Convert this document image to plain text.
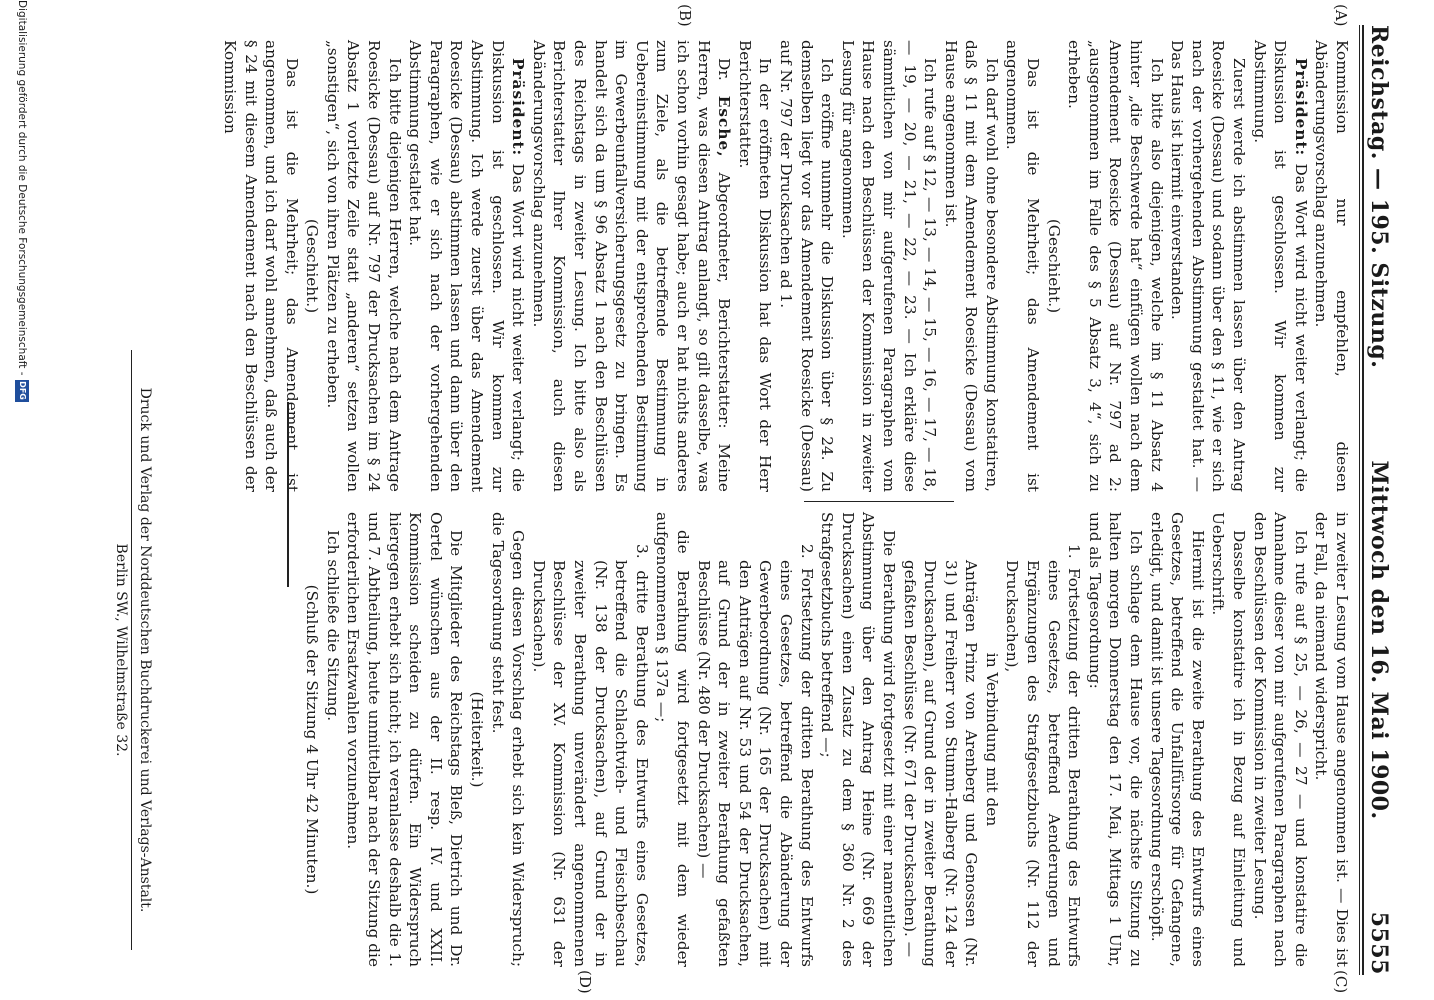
Reichstag. — 195. Sitzung.
Mittwoch den 16. Mai 1900.
5555
(A)
(B)
(C)
(D)

Kommission nur empfehlen, diesen Abänderungsvorschlag anzunehmen.

Präsident: Das Wort wird nicht weiter verlangt; die Diskussion ist geschlossen. Wir kommen zur Abstimmung.

Zuerst werde ich abstimmen lassen über den Antrag Roesicke (Dessau) und sodann über den § 11, wie er sich nach der vorhergehenden Abstimmung gestaltet hat. — Das Haus ist hiermit einverstanden.

Ich bitte also diejenigen, welche im § 11 Absatz 4 hinter „die Beschwerde hat“ einfügen wollen nach dem Amendement Roesicke (Dessau) auf Nr. 797 ad 2: „ausgenommen im Falle des § 5 Absatz 3, 4“, sich zu erheben.

(Geschieht.)

Das ist die Mehrheit; das Amendement ist angenommen.

Ich darf wohl ohne besondere Abstimmung konstatiren, daß § 11 mit dem Amendement Roesicke (Dessau) vom Hause angenommen ist.

Ich rufe auf § 12, — 13, — 14, — 15, — 16, — 17, — 18, — 19, — 20, — 21, — 22, — 23. — Ich erkläre diese sämmtlichen von mir aufgerufenen Paragraphen vom Hause nach den Beschlüssen der Kommission in zweiter Lesung für angenommen.

Ich eröffne nunmehr die Diskussion über § 24. Zu demselben liegt vor das Amendement Roesicke (Dessau) auf Nr. 797 der Drucksachen ad 1.

In der eröffneten Diskussion hat das Wort der Herr Berichterstatter.

Dr. Esche, Abgeordneter, Berichterstatter: Meine Herren, was diesen Antrag anlangt, so gilt dasselbe, was ich schon vorhin gesagt habe; auch er hat nichts anderes zum Ziele, als die betreffende Bestimmung in Uebereinstimmung mit der entsprechenden Bestimmung im Gewerbeunfallversicherungsgesetz zu bringen. Es handelt sich da um § 96 Absatz 1 nach den Beschlüssen des Reichstags in zweiter Lesung. Ich bitte also als Berichterstatter Ihrer Kommission, auch diesen Abänderungsvorschlag anzunehmen.

Präsident: Das Wort wird nicht weiter verlangt; die Diskussion ist geschlossen. Wir kommen zur Abstimmung. Ich werde zuerst über das Amendement Roesicke (Dessau) abstimmen lassen und dann über den Paragraphen, wie er sich nach der vorhergehenden Abstimmung gestaltet hat.

Ich bitte diejenigen Herren, welche nach dem Antrage Roesicke (Dessau) auf Nr. 797 der Drucksachen im § 24 Absatz 1 vorletzte Zeile statt „anderen“ setzen wollen „sonstigen“, sich von ihren Plätzen zu erheben.

(Geschieht.)

Das ist die Mehrheit; das Amendement ist angenommen, und ich darf wohl annehmen, daß auch der § 24 mit diesem Amendement nach den Beschlüssen der Kommission

in zweiter Lesung vom Hause angenommen ist. — Dies ist der Fall, da niemand widerspricht.

Ich rufe auf § 25, — 26, — 27 — und konstatire die Annahme dieser von mir aufgerufenen Paragraphen nach den Beschlüssen der Kommission in zweiter Lesung.

Dasselbe konstatire ich in Bezug auf Einleitung und Ueberschrift.

Hiermit ist die zweite Berathung des Entwurfs eines Gesetzes, betreffend die Unfallfürsorge für Gefangene, erledigt, und damit ist unsere Tagesordnung erschöpft.

Ich schlage dem Hause vor, die nächste Sitzung zu halten morgen Donnerstag den 17. Mai, Mittags 1 Uhr, und als Tagesordnung:

1. Fortsetzung der dritten Berathung des Entwurfs eines Gesetzes, betreffend Aenderungen und Ergänzungen des Strafgesetzbuchs (Nr. 112 der Drucksachen),

in Verbindung mit den

Anträgen Prinz von Arenberg und Genossen (Nr. 31) und Freiherr von Stumm-Halberg (Nr. 124 der Drucksachen), auf Grund der in zweiter Berathung gefaßten Beschlüsse (Nr. 671 der Drucksachen). —

Die Berathung wird fortgesetzt mit einer namentlichen Abstimmung über den Antrag Heine (Nr. 669 der Drucksachen) einen Zusatz zu dem § 360 Nr. 2 des Strafgesetzbuchs betreffend —;

2. Fortsetzung der dritten Berathung des Entwurfs eines Gesetzes, betreffend die Abänderung der Gewerbeordnung (Nr. 165 der Drucksachen) mit den Anträgen auf Nr. 53 und 54 der Drucksachen, auf Grund der in zweiter Berathung gefaßten Beschlüsse (Nr. 480 der Drucksachen) —

die Berathung wird fortgesetzt mit dem wieder aufgenommenen § 137a —;

3. dritte Berathung des Entwurfs eines Gesetzes, betreffend die Schlachtvieh- und Fleischbeschau (Nr. 138 der Drucksachen), auf Grund der in zweiter Berathung unverändert angenommenen Beschlüsse der XV. Kommission (Nr. 631 der Drucksachen).

Gegen diesen Vorschlag erhebt sich kein Widerspruch; die Tagesordnung steht fest.

(Heiterkeit.)

Die Mitglieder des Reichstags Bleß, Dietrich und Dr. Oertel wünschen aus der II. resp. IV. und XXII. Kommission scheiden zu dürfen. Ein Widerspruch hiergegen erhebt sich nicht; ich veranlasse deshalb die 1. und 7. Abtheilung, heute unmittelbar nach der Sitzung die erforderlichen Ersatzwahlen vorzunehmen.

Ich schließe die Sitzung.

(Schluß der Sitzung 4 Uhr 42 Minuten.)

Druck und Verlag der Norddeutschen Buchdruckerei und Verlags-Anstalt.
Berlin SW., Wilhelmstraße 32.
Digitalisierung gefördert durch die Deutsche Forschungsgemeinschaft -
DFG
